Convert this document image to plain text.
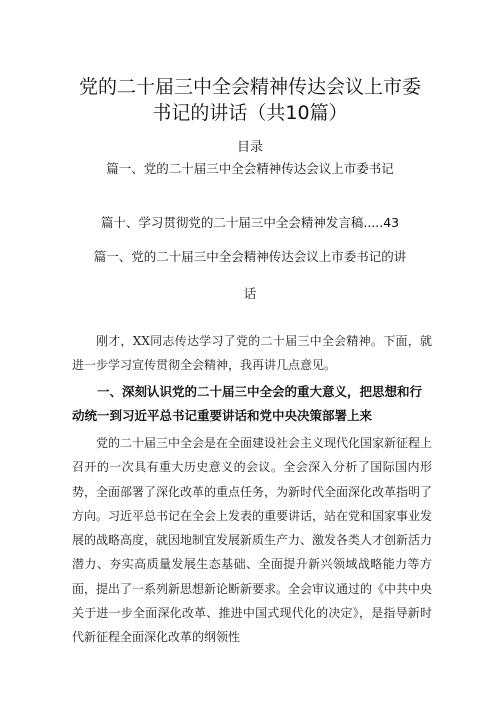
党的二十届三中全会精神传达会议上市委
书记的讲话（共10篇）
目录
篇一、党的二十届三中全会精神传达会议上市委书记
篇十、学习贯彻党的二十届三中全会精神发言稿.....43
篇一、党的二十届三中全会精神传达会议上市委书记的讲
话
刚才，XX同志传达学习了党的二十届三中全会精神。下面，就进一步学习宣传贯彻全会精神，我再讲几点意见。
一、深刻认识党的二十届三中全会的重大意义，把思想和行动统一到习近平总书记重要讲话和党中央决策部署上来
党的二十届三中全会是在全面建设社会主义现代化国家新征程上召开的一次具有重大历史意义的会议。全会深入分析了国际国内形势，全面部署了深化改革的重点任务，为新时代全面深化改革指明了方向。习近平总书记在全会上发表的重要讲话，站在党和国家事业发展的战略高度，就因地制宜发展新质生产力、激发各类人才创新活力潜力、夯实高质量发展生态基础、全面提升新兴领域战略能力等方面，提出了一系列新思想新论断新要求。全会审议通过的《中共中央关于进一步全面深化改革、推进中国式现代化的决定》，是指导新时代新征程全面深化改革的纲领性
